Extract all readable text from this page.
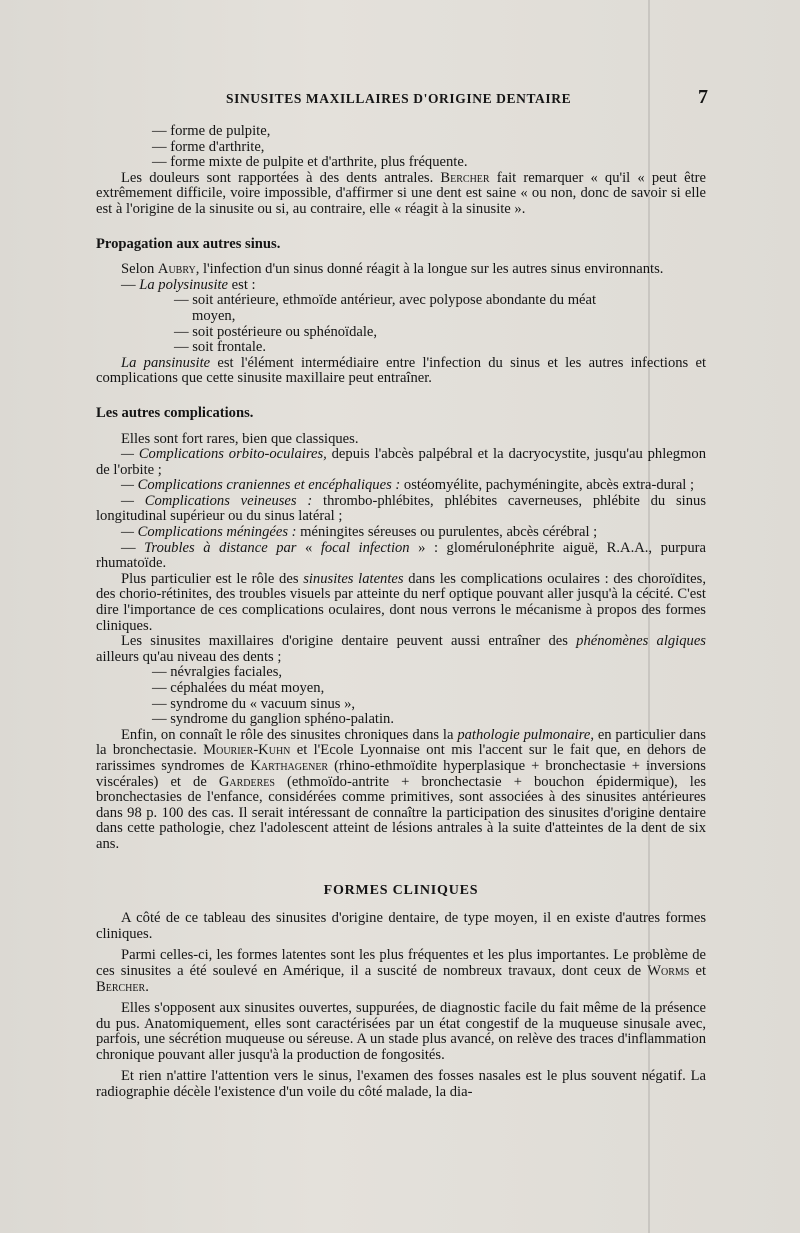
SINUSITES MAXILLAIRES D'ORIGINE DENTAIRE	7

— forme de pulpite,

— forme d'arthrite,

— forme mixte de pulpite et d'arthrite, plus fréquente.

Les douleurs sont rapportées à des dents antrales. Bercher fait remarquer « qu'il « peut être extrêmement difficile, voire impossible, d'affirmer si une dent est saine « ou non, donc de savoir si elle est à l'origine de la sinusite ou si, au contraire, elle « réagit à la sinusite ».

Propagation aux autres sinus.

Selon Aubry, l'infection d'un sinus donné réagit à la longue sur les autres sinus environnants.

— La polysinusite est :

— soit antérieure, ethmoïde antérieur, avec polypose abondante du méat

moyen,

— soit postérieure ou sphénoïdale,

— soit frontale.

La pansinusite est l'élément intermédiaire entre l'infection du sinus et les autres infections et complications que cette sinusite maxillaire peut entraîner.

Les autres complications.

Elles sont fort rares, bien que classiques.

— Complications orbito-oculaires, depuis l'abcès palpébral et la dacryocystite, jusqu'au phlegmon de l'orbite ;

— Complications craniennes et encéphaliques : ostéomyélite, pachyméningite, abcès extra-dural ;

— Complications veineuses : thrombo-phlébites, phlébites caverneuses, phlébite du sinus longitudinal supérieur ou du sinus latéral ;

— Complications méningées : méningites séreuses ou purulentes, abcès cérébral ;

— Troubles à distance par « focal infection » : glomérulonéphrite aiguë, R.A.A., purpura rhumatoïde.

Plus particulier est le rôle des sinusites latentes dans les complications oculaires : des choroïdites, des chorio-rétinites, des troubles visuels par atteinte du nerf optique pouvant aller jusqu'à la cécité. C'est dire l'importance de ces complications oculaires, dont nous verrons le mécanisme à propos des formes cliniques.

Les sinusites maxillaires d'origine dentaire peuvent aussi entraîner des phénomènes algiques ailleurs qu'au niveau des dents ;

— névralgies faciales,

— céphalées du méat moyen,

— syndrome du « vacuum sinus »,

— syndrome du ganglion sphéno-palatin.

Enfin, on connaît le rôle des sinusites chroniques dans la pathologie pulmonaire, en particulier dans la bronchectasie. Mourier-Kuhn et l'Ecole Lyonnaise ont mis l'accent sur le fait que, en dehors de rarissimes syndromes de Karthagener (rhino-ethmoïdite hyperplasique + bronchectasie + inversions viscérales) et de Garderes (ethmoïdo-antrite + bronchectasie + bouchon épidermique), les bronchectasies de l'enfance, considérées comme primitives, sont associées à des sinusites antérieures dans 98 p. 100 des cas. Il serait intéressant de connaître la participation des sinusites d'origine dentaire dans cette pathologie, chez l'adolescent atteint de lésions antrales à la suite d'atteintes de la dent de six ans.

FORMES CLINIQUES

A côté de ce tableau des sinusites d'origine dentaire, de type moyen, il en existe d'autres formes cliniques.

Parmi celles-ci, les formes latentes sont les plus fréquentes et les plus importantes. Le problème de ces sinusites a été soulevé en Amérique, il a suscité de nombreux travaux, dont ceux de Worms et Bercher.

Elles s'opposent aux sinusites ouvertes, suppurées, de diagnostic facile du fait même de la présence du pus. Anatomiquement, elles sont caractérisées par un état congestif de la muqueuse sinusale avec, parfois, une sécrétion muqueuse ou séreuse. A un stade plus avancé, on relève des traces d'inflammation chronique pouvant aller jusqu'à la production de fongosités.

Et rien n'attire l'attention vers le sinus, l'examen des fosses nasales est le plus souvent négatif. La radiographie décèle l'existence d'un voile du côté malade, la dia-
